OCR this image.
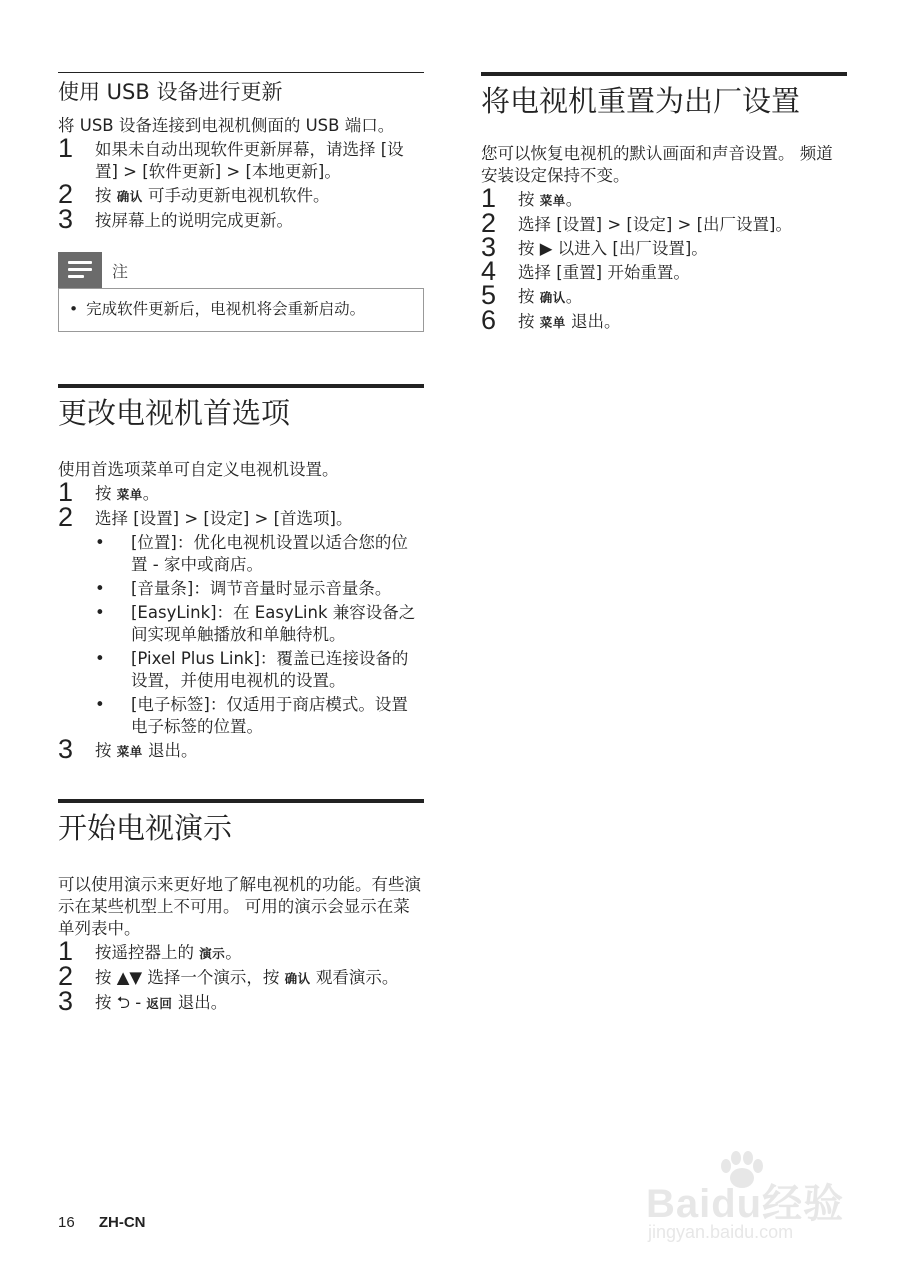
使用 USB 设备进行更新

将 USB 设备连接到电视机侧面的 USB 端口。

1 如果未自动出现软件更新屏幕，请选择 [设置] > [软件更新] > [本地更新]。
2 按 确认 可手动更新电视机软件。
3 按屏幕上的说明完成更新。
注
• 完成软件更新后，电视机将会重新启动。
更改电视机首选项

使用首选项菜单可自定义电视机设置。

1 按 菜单。
2 选择 [设置] > [设定] > [首选项]。
• [位置]：优化电视机设置以适合您的位置 - 家中或商店。
• [音量条]：调节音量时显示音量条。
• [EasyLink]：在 EasyLink 兼容设备之间实现单触播放和单触待机。
• [Pixel Plus Link]：覆盖已连接设备的设置，并使用电视机的设置。
• [电子标签]：仅适用于商店模式。设置电子标签的位置。
3 按 菜单 退出。
开始电视演示

可以使用演示来更好地了解电视机的功能。有些演示在某些机型上不可用。 可用的演示会显示在菜单列表中。

1 按遥控器上的 演示。
2 按 ▲▼ 选择一个演示，按 确认 观看演示。
3 按 ⮌ - 返回 退出。
将电视机重置为出厂设置

您可以恢复电视机的默认画面和声音设置。 频道安装设定保持不变。

1 按 菜单。
2 选择 [设置] > [设定] > [出厂设置]。
3 按 ▶ 以进入 [出厂设置]。
4 选择 [重置] 开始重置。
5 按 确认。
6 按 菜单 退出。
16 ZH-CN	Baidu经验
jingyan.baidu.com
